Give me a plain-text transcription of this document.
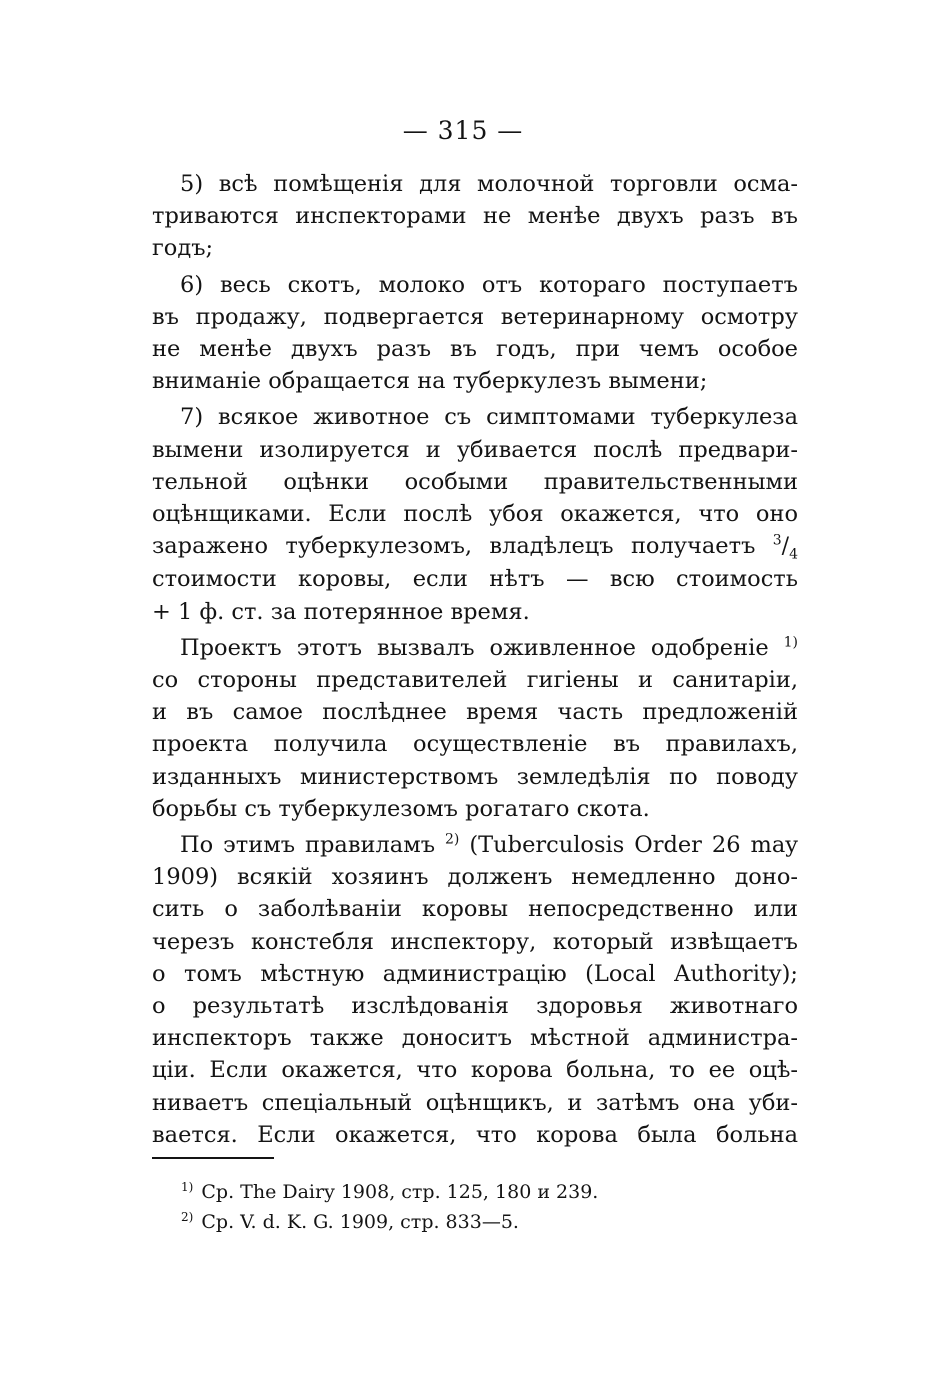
— 315 —

5) всѣ помѣщенія для молочной торговли осма-
триваются инспекторами не менѣе двухъ разъ въ
годъ;

6) весь скотъ, молоко отъ котораго поступаетъ
въ продажу, подвергается ветеринарному осмотру
не менѣе двухъ разъ въ годъ, при чемъ особое
вниманіе обращается на туберкулезъ вымени;

7) всякое животное съ симптомами туберкулеза
вымени изолируется и убивается послѣ предвари-
тельной оцѣнки особыми правительственными
оцѣнщиками. Если послѣ убоя окажется, что оно
заражено туберкулезомъ, владѣлецъ получаетъ $^3/_4$
стоимости коровы, если нѣтъ — всю стоимость
+ 1 ф. ст. за потерянное время.

Проектъ этотъ вызвалъ оживленное одобреніе $^{1)}$
со стороны представителей гигіены и санитаріи,
и въ самое послѣднее время часть предложеній
проекта получила осуществленіе въ правилахъ,
изданныхъ министерствомъ земледѣлія по поводу
борьбы съ туберкулезомъ рогатаго скота.

По этимъ правиламъ $^{2)}$ (Tuberculosis Order 26 may
1909) всякій хозяинъ долженъ немедленно доно-
сить о заболѣваніи коровы непосредственно или
черезъ констебля инспектору, который извѣщаетъ
о томъ мѣстную администрацію (Local Authority);
о результатѣ изслѣдованія здоровья животнаго
инспекторъ также доноситъ мѣстной администра-
ціи. Если окажется, что корова больна, то ее оцѣ-
ниваетъ спеціальный оцѣнщикъ, и затѣмъ она уби-
вается. Если окажется, что корова была больна

$^{1)}$ Cp. The Dairy 1908, стр. 125, 180 и 239.
$^{2)}$ Cp. V. d. K. G. 1909, стр. 833—5.
